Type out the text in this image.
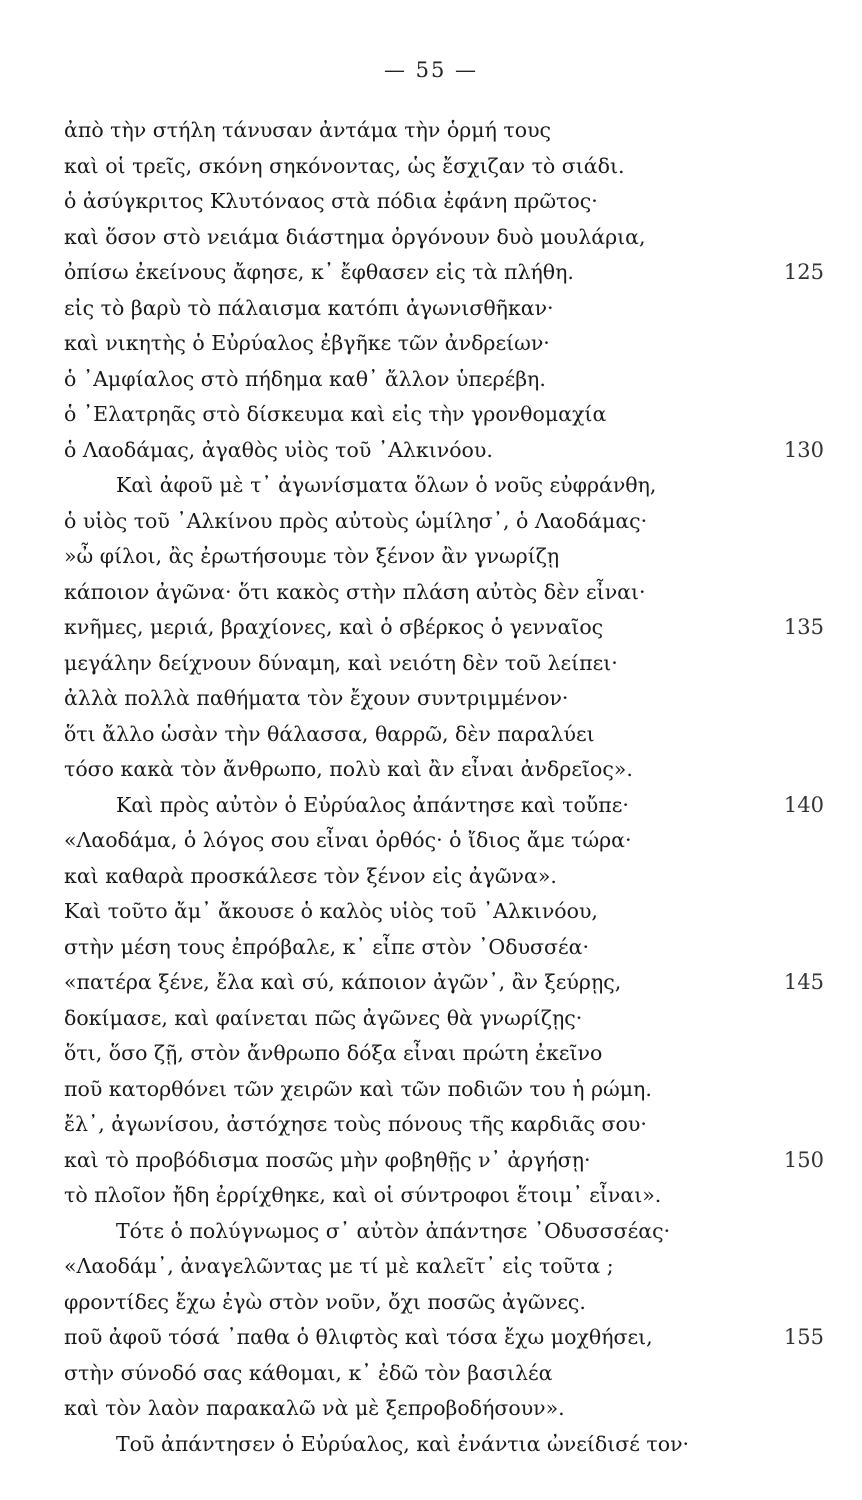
— 55 —
ἀπὸ τὴν στήλη τάνυσαν ἀντάμα τὴν ὁρμή τους
καὶ οἱ τρεῖς, σκόνη σηκόνοντας, ὡς ἔσχιζαν τὸ σιάδι.
ὁ ἀσύγκριτος Κλυτόναος στὰ πόδια ἐφάνη πρῶτος·
καὶ ὅσον στὸ νειάμα διάστημα ὀργόνουν δυὸ μουλάρια,
ὀπίσω ἐκείνους ἄφησε, κ᾿ ἔφθασεν εἰς τὰ πλήθη.	125
εἰς τὸ βαρὺ τὸ πάλαισμα κατόπι ἀγωνισθῆκαν·
καὶ νικητὴς ὁ Εὐρύαλος ἐβγῆκε τῶν ἀνδρείων·
ὁ ᾿Αμφίαλος στὸ πήδημα καθ᾿ ἄλλον ὑπερέβη.
ὁ ᾿Ελατρηᾶς στὸ δίσκευμα καὶ εἰς τὴν γρονθομαχία
ὁ Λαοδάμας, ἀγαθὸς υἱὸς τοῦ ᾿Αλκινόου.	130
Καὶ ἀφοῦ μὲ τ᾿ ἀγωνίσματα ὅλων ὁ νοῦς εὐφράνθη,
ὁ υἱὸς τοῦ ᾿Αλκίνου πρὸς αὐτοὺς ὡμίλησ᾿, ὁ Λαοδάμας·
»ὦ φίλοι, ἂς ἐρωτήσουμε τὸν ξένον ἂν γνωρίζῃ
κάποιον ἀγῶνα· ὅτι κακὸς στὴν πλάση αὐτὸς δὲν εἶναι·
κνῆμες, μεριά, βραχίονες, καὶ ὁ σβέρκος ὁ γενναῖος	135
μεγάλην δείχνουν δύναμη, καὶ νειότη δὲν τοῦ λείπει·
ἀλλὰ πολλὰ παθήματα τὸν ἔχουν συντριμμένον·
ὅτι ἄλλο ὡσὰν τὴν θάλασσα, θαρρῶ, δὲν παραλύει
τόσο κακὰ τὸν ἄνθρωπο, πολὺ καὶ ἂν εἶναι ἀνδρεῖος».
Καὶ πρὸς αὐτὸν ὁ Εὐρύαλος ἀπάντησε καὶ τοὔπε·	140
«Λαοδάμα, ὁ λόγος σου εἶναι ὀρθός· ὁ ἴδιος ἄμε τώρα·
καὶ καθαρὰ προσκάλεσε τὸν ξένον εἰς ἀγῶνα».
Καὶ τοῦτο ἄμ᾿ ἄκουσε ὁ καλὸς υἱὸς τοῦ ᾿Αλκινόου,
στὴν μέση τους ἐπρόβαλε, κ᾿ εἶπε στὸν ᾿Οδυσσέα·
«πατέρα ξένε, ἔλα καὶ σύ, κάποιον ἀγῶν᾿, ἂν ξεύρῃς,	145
δοκίμασε, καὶ φαίνεται πῶς ἀγῶνες θὰ γνωρίζῃς·
ὅτι, ὅσο ζῇ, στὸν ἄνθρωπο δόξα εἶναι πρώτη ἐκεῖνο
ποῦ κατορθόνει τῶν χειρῶν καὶ τῶν ποδιῶν του ἡ ρώμη.
ἔλ᾿, ἀγωνίσου, ἀστόχησε τοὺς πόνους τῆς καρδιᾶς σου·
καὶ τὸ προβόδισμα ποσῶς μὴν φοβηθῇς ν᾿ ἀργήσῃ·	150
τὸ πλοῖον ἤδη ἐρρίχθηκε, καὶ οἱ σύντροφοι ἕτοιμ᾿ εἶναι».
Τότε ὁ πολύγνωμος σ᾿ αὐτὸν ἀπάντησε ᾿Οδυσσσέας·
«Λαοδάμ᾿, ἀναγελῶντας με τί μὲ καλεῖτ᾿ εἰς τοῦτα ;
φροντίδες ἔχω ἐγὼ στὸν νοῦν, ὄχι ποσῶς ἀγῶνες.
ποῦ ἀφοῦ τόσά ᾿παθα ὁ θλιφτὸς καὶ τόσα ἔχω μοχθήσει,	155
στὴν σύνοδό σας κάθομαι, κ᾿ ἐδῶ τὸν βασιλέα
καὶ τὸν λαὸν παρακαλῶ νὰ μὲ ξεπροβοδήσουν».
Τοῦ ἀπάντησεν ὁ Εὐρύαλος, καὶ ἐνάντια ὠνείδισέ τον·
